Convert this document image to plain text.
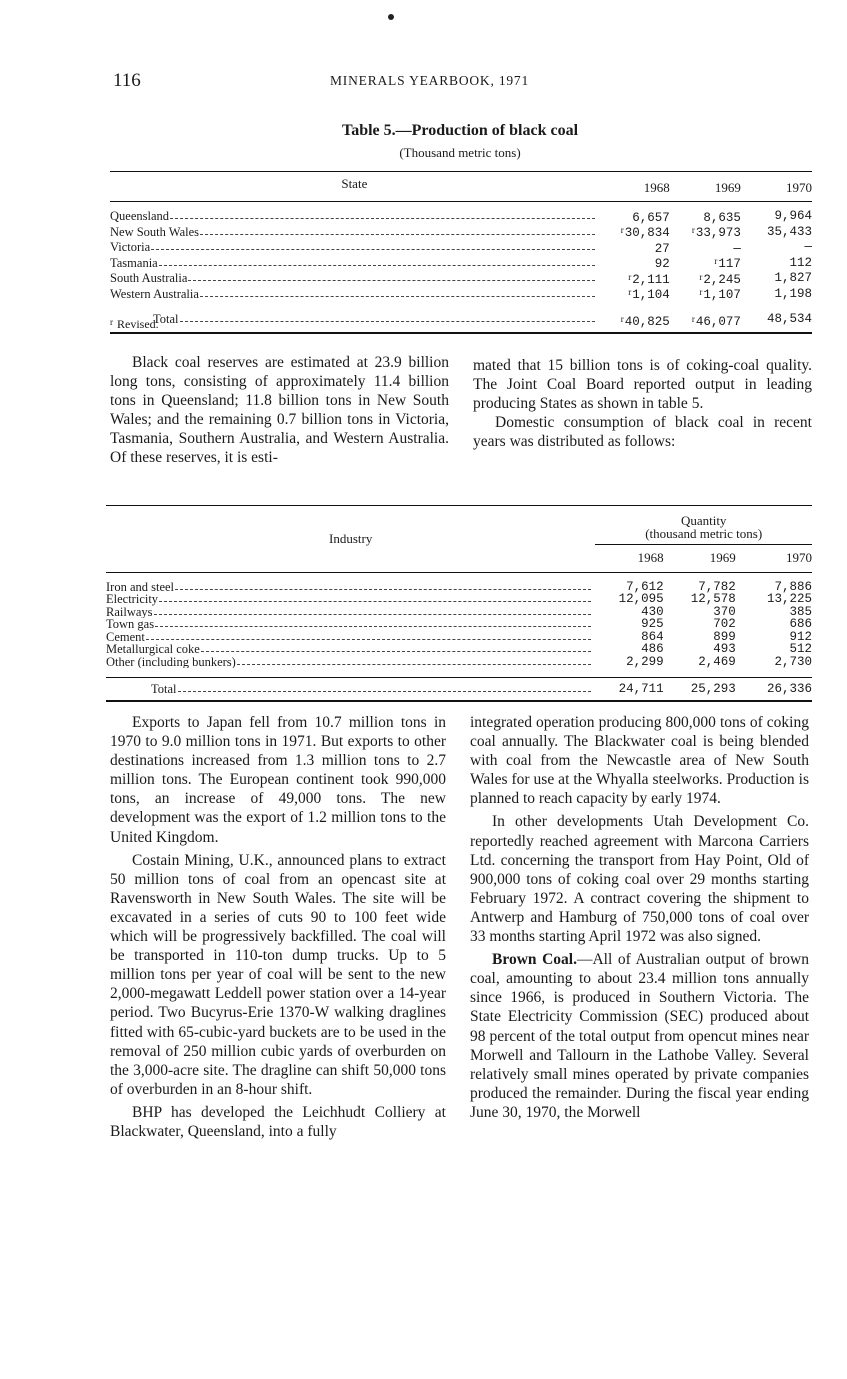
116	MINERALS YEARBOOK, 1971
Table 5.—Production of black coal
(Thousand metric tons)
State	1968	1969	1970

Queensland	6,657	8,635	9,964

New South Wales	$^r$30,834	$^r$33,973	35,433

Victoria	27	—	—

Tasmania	92	$^r$117	112

South Australia	$^r$2,111	$^r$2,245	1,827

Western Australia	$^r$1,104	$^r$1,107	1,198

Total	$^r$40,825	$^r$46,077	48,534
$^r$ Revised.

Black coal reserves are estimated at 23.9 billion long tons, consisting of approximately 11.4 billion tons in Queensland; 11.8 billion tons in New South Wales; and the remaining 0.7 billion tons in Victoria, Tasmania, Southern Australia, and Western Australia. Of these reserves, it is esti-

mated that 15 billion tons is of coking-coal quality. The Joint Coal Board reported output in leading producing States as shown in table 5.

Domestic consumption of black coal in recent years was distributed as follows:

Industry	Quantity
(thousand metric tons)		

	1968	1969	1970

Iron and steel	7,612	7,782	7,886

Electricity	12,095	12,578	13,225

Railways	430	370	385

Town gas	925	702	686

Cement	864	899	912

Metallurgical coke	486	493	512

Other (including bunkers)	2,299	2,469	2,730

Total	24,711	25,293	26,336

Exports to Japan fell from 10.7 million tons in 1970 to 9.0 million tons in 1971. But exports to other destinations increased from 1.3 million tons to 2.7 million tons. The European continent took 990,000 tons, an increase of 49,000 tons. The new development was the export of 1.2 million tons to the United Kingdom.

Costain Mining, U.K., announced plans to extract 50 million tons of coal from an opencast site at Ravensworth in New South Wales. The site will be excavated in a series of cuts 90 to 100 feet wide which will be progressively backfilled. The coal will be transported in 110-ton dump trucks. Up to 5 million tons per year of coal will be sent to the new 2,000-megawatt Leddell power station over a 14-year period. Two Bucyrus-Erie 1370-W walking draglines fitted with 65-cubic-yard buckets are to be used in the removal of 250 million cubic yards of overburden on the 3,000-acre site. The dragline can shift 50,000 tons of overburden in an 8-hour shift.

BHP has developed the Leichhudt Colliery at Blackwater, Queensland, into a fully

integrated operation producing 800,000 tons of coking coal annually. The Blackwater coal is being blended with coal from the Newcastle area of New South Wales for use at the Whyalla steelworks. Production is planned to reach capacity by early 1974.

In other developments Utah Development Co. reportedly reached agreement with Marcona Carriers Ltd. concerning the transport from Hay Point, Old of 900,000 tons of coking coal over 29 months starting February 1972. A contract covering the shipment to Antwerp and Hamburg of 750,000 tons of coal over 33 months starting April 1972 was also signed.

Brown Coal.—All of Australian output of brown coal, amounting to about 23.4 million tons annually since 1966, is produced in Southern Victoria. The State Electricity Commission (SEC) produced about 98 percent of the total output from opencut mines near Morwell and Tallourn in the Lathobe Valley. Several relatively small mines operated by private companies produced the remainder. During the fiscal year ending June 30, 1970, the Morwell
